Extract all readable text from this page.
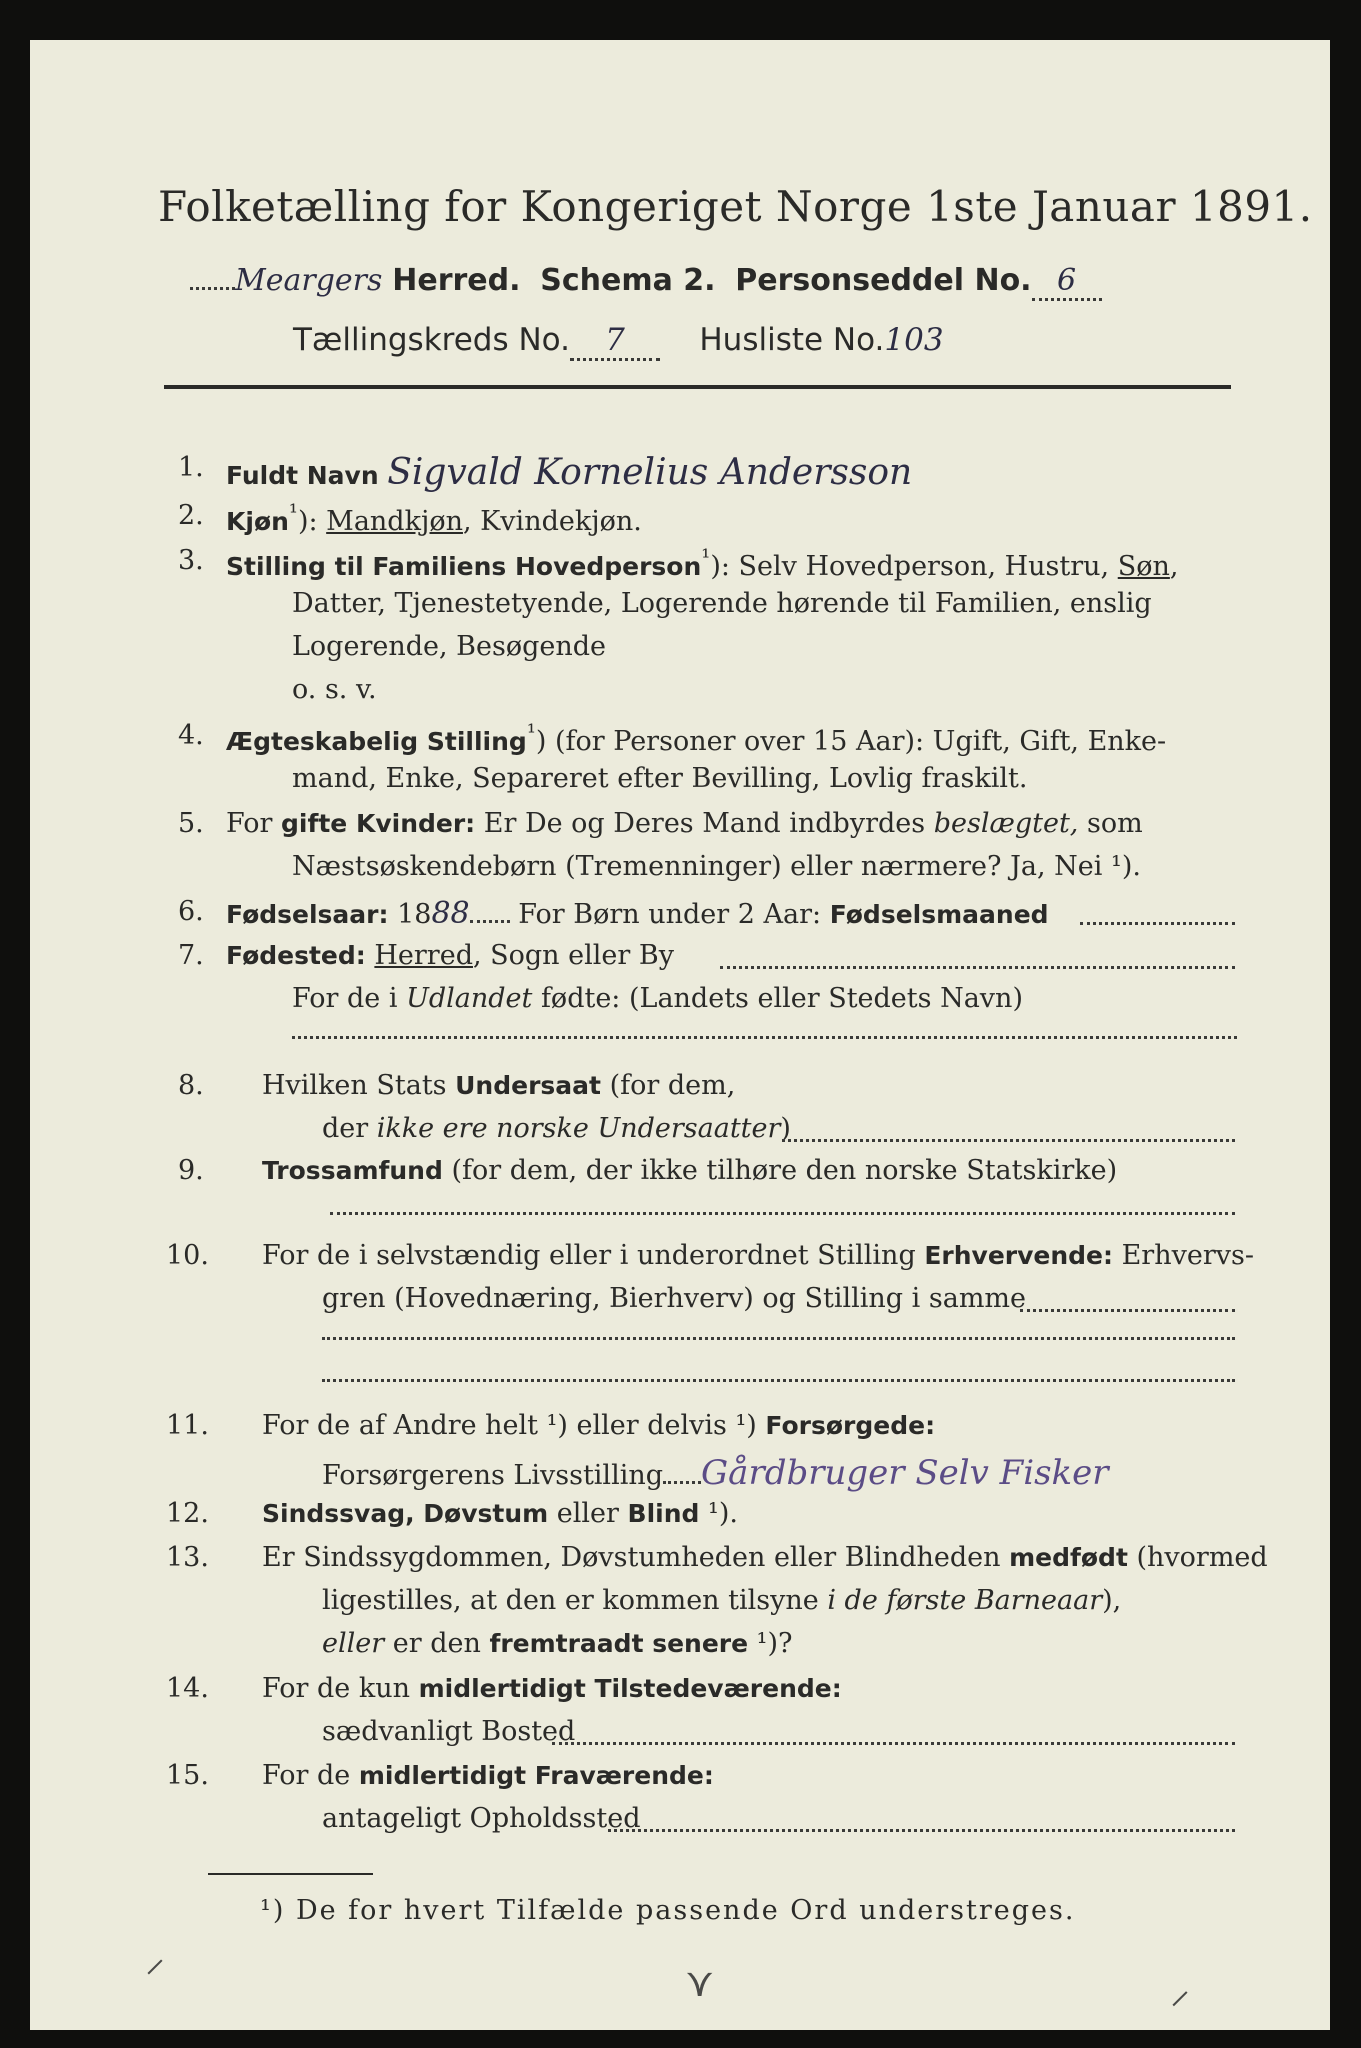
Folketælling for Kongeriget Norge 1ste Januar 1891.
Meargers Herred. Schema 2. Personseddel No. 6
Tællingskreds No. 7 Husliste No.103
1. Fuldt Navn Sigvald Kornelius Andersson
2. Kjøn$^{^1}$): Mandkjøn, Kvindekjøn.
3. Stilling til Familiens Hovedperson$^{^1}$): Selv Hovedperson, Hustru, Søn,
Datter, Tjenestetyende, Logerende hørende til Familien, enslig
Logerende, Besøgende
o. s. v.
4. Ægteskabelig Stilling$^{^1}$) (for Personer over 15 Aar): Ugift, Gift, Enke-
mand, Enke, Separeret efter Bevilling, Lovlig fraskilt.
5. For gifte Kvinder: Er De og Deres Mand indbyrdes beslægtet, som
Næstsøskendebørn (Tremenninger) eller nærmere? Ja, Nei ¹).
6. Fødselsaar: 1888 For Børn under 2 Aar: Fødselsmaaned
7. Fødested: Herred, Sogn eller By
For de i Udlandet fødte: (Landets eller Stedets Navn)
8. Hvilken Stats Undersaat (for dem,
der ikke ere norske Undersaatter)
9. Trossamfund (for dem, der ikke tilhøre den norske Statskirke)
10. For de i selvstændig eller i underordnet Stilling Erhvervende: Erhvervs-
gren (Hovednæring, Bierhverv) og Stilling i samme
11. For de af Andre helt ¹) eller delvis ¹) Forsørgede:
Forsørgerens Livsstilling Gårdbruger Selv Fisker
12. Sindssvag, Døvstum eller Blind ¹).
13. Er Sindssygdommen, Døvstumheden eller Blindheden medfødt (hvormed
ligestilles, at den er kommen tilsyne i de første Barneaar),
eller er den fremtraadt senere ¹)?
14. For de kun midlertidigt Tilstedeværende:
sædvanligt Bosted
15. For de midlertidigt Fraværende:
antageligt Opholdssted
¹) De for hvert Tilfælde passende Ord understreges.
⸍	⋎	⸝
